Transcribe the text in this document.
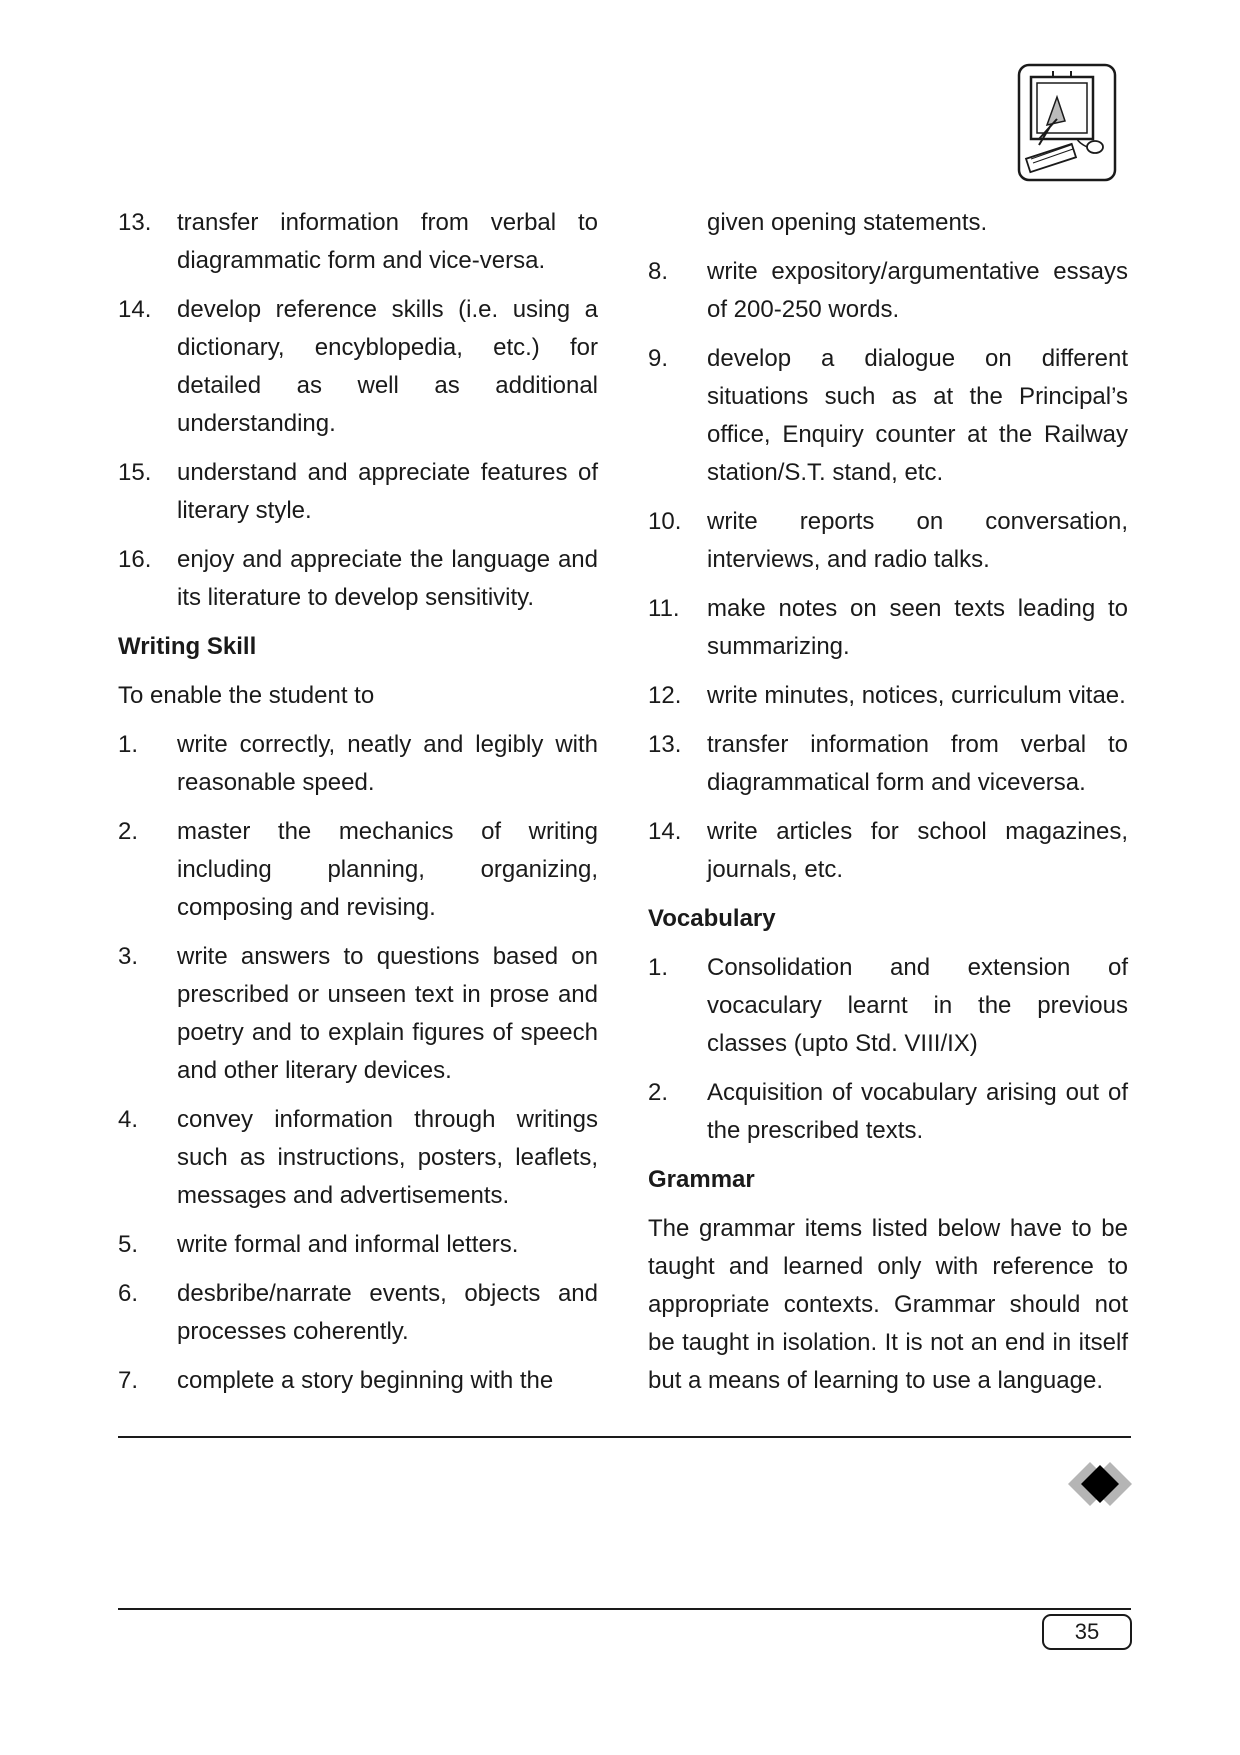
13.	transfer information from verbal to diagrammatic form and vice-versa.
14.	develop reference skills (i.e. using a dictionary, encyblopedia, etc.) for detailed as well as additional understanding.
15.	understand and appreciate features of literary style.
16.	enjoy and appreciate the language and its literature to develop sensitivity.
Writing Skill
To enable the student to
1.	write correctly, neatly and legibly with reasonable speed.
2.	master the mechanics of writing including planning, organizing, composing and revising.
3.	write answers to questions based on prescribed or unseen text in prose and poetry and to explain figures of speech and other literary devices.
4.	convey information through writings such as instructions, posters, leaflets, messages and advertisements.
5.	write formal and informal letters.
6.	desbribe/narrate events, objects and processes coherently.
7.	complete a story beginning with the
given opening statements.
8.	write expository/argumentative essays of 200-250 words.
9.	develop a dialogue on different situations such as at the Principal’s office, Enquiry counter at the Railway station/S.T. stand, etc.
10.	write reports on conversation, interviews, and radio talks.
11.	make notes on seen texts leading to summarizing.
12.	write minutes, notices, curriculum vitae.
13.	transfer information from verbal to diagrammatical form and viceversa.
14.	write articles for school magazines, journals, etc.
Vocabulary
1.	Consolidation and extension of vocaculary learnt in the previous classes (upto Std. VIII/IX)
2.	Acquisition of vocabulary arising out of the prescribed texts.
Grammar
The grammar items listed below have to be taught and learned only with reference to appropriate contexts. Grammar should not be taught in isolation. It is not an end in itself but a means of learning to use a language.
35
